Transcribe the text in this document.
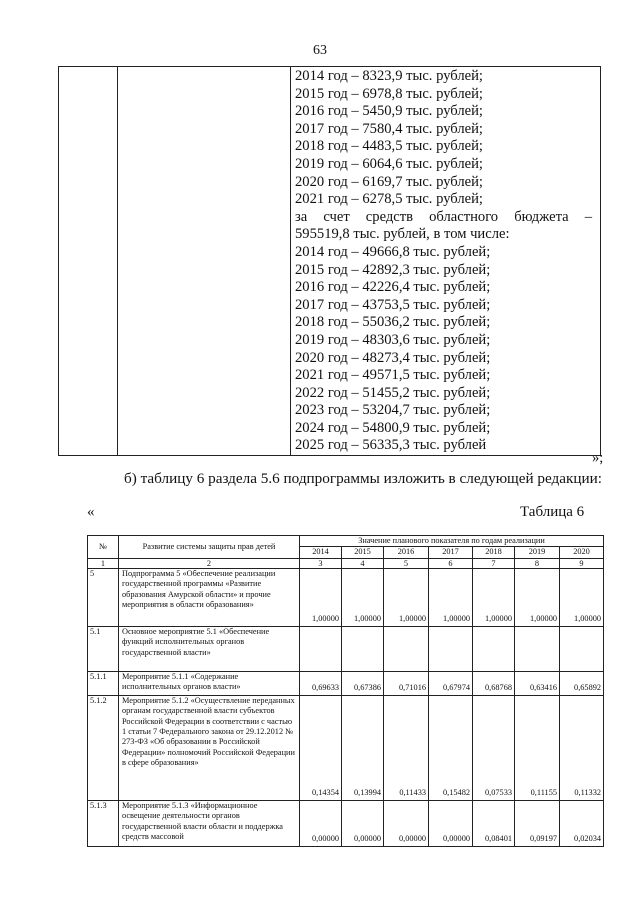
63

2014 год – 8323,9 тыс. рублей;
2015 год – 6978,8 тыс. рублей;
2016 год – 5450,9 тыс. рублей;
2017 год – 7580,4 тыс. рублей;
2018 год – 4483,5 тыс. рублей;
2019 год – 6064,6 тыс. рублей;
2020 год – 6169,7 тыс. рублей;
2021 год – 6278,5 тыс. рублей;
за счет средств областного бюджета –
595519,8 тыс. рублей, в том числе:
2014 год – 49666,8 тыс. рублей;
2015 год – 42892,3 тыс. рублей;
2016 год – 42226,4 тыс. рублей;
2017 год – 43753,5 тыс. рублей;
2018 год – 55036,2 тыс. рублей;
2019 год – 48303,6 тыс. рублей;
2020 год – 48273,4 тыс. рублей;
2021 год – 49571,5 тыс. рублей;
2022 год – 51455,2 тыс. рублей;
2023 год – 53204,7 тыс. рублей;
2024 год – 54800,9 тыс. рублей;
2025 год – 56335,3 тыс. рублей
»;
б) таблицу 6 раздела 5.6 подпрограммы изложить в следующей редакции:
«	Таблица 6
№	Развитие системы защиты прав детей	Значение планового показателя по годам реализации						
		2014	2015	2016	2017	2018	2019	2020
1	2	3	4	5	6	7	8	9
5	Подпрограмма 5 «Обеспечение реализации государственной программы «Развитие образования Амурской области» и прочие мероприятия в области образования»	1,00000	1,00000	1,00000	1,00000	1,00000	1,00000	1,00000
5.1	Основное мероприятие 5.1 «Обеспечение функций исполнительных органов государственной власти»							
5.1.1	Мероприятие 5.1.1 «Содержание исполнительных органов власти»	0,69633	0,67386	0,71016	0,67974	0,68768	0,63416	0,65892
5.1.2	Мероприятие 5.1.2 «Осуществление переданных органам государственной власти субъектов Российской Федерации в соответствии с частью 1 статьи 7 Федерального закона от 29.12.2012 № 273-ФЗ «Об образовании в Российской Федерации» полномочий Российской Федерации в сфере образования»	0,14354	0,13994	0,11433	0,15482	0,07533	0,11155	0,11332
5.1.3	Мероприятие 5.1.3 «Информационное освещение деятельности органов государственной власти области и поддержка средств массовой	0,00000	0,00000	0,00000	0,00000	0,08401	0,09197	0,02034
